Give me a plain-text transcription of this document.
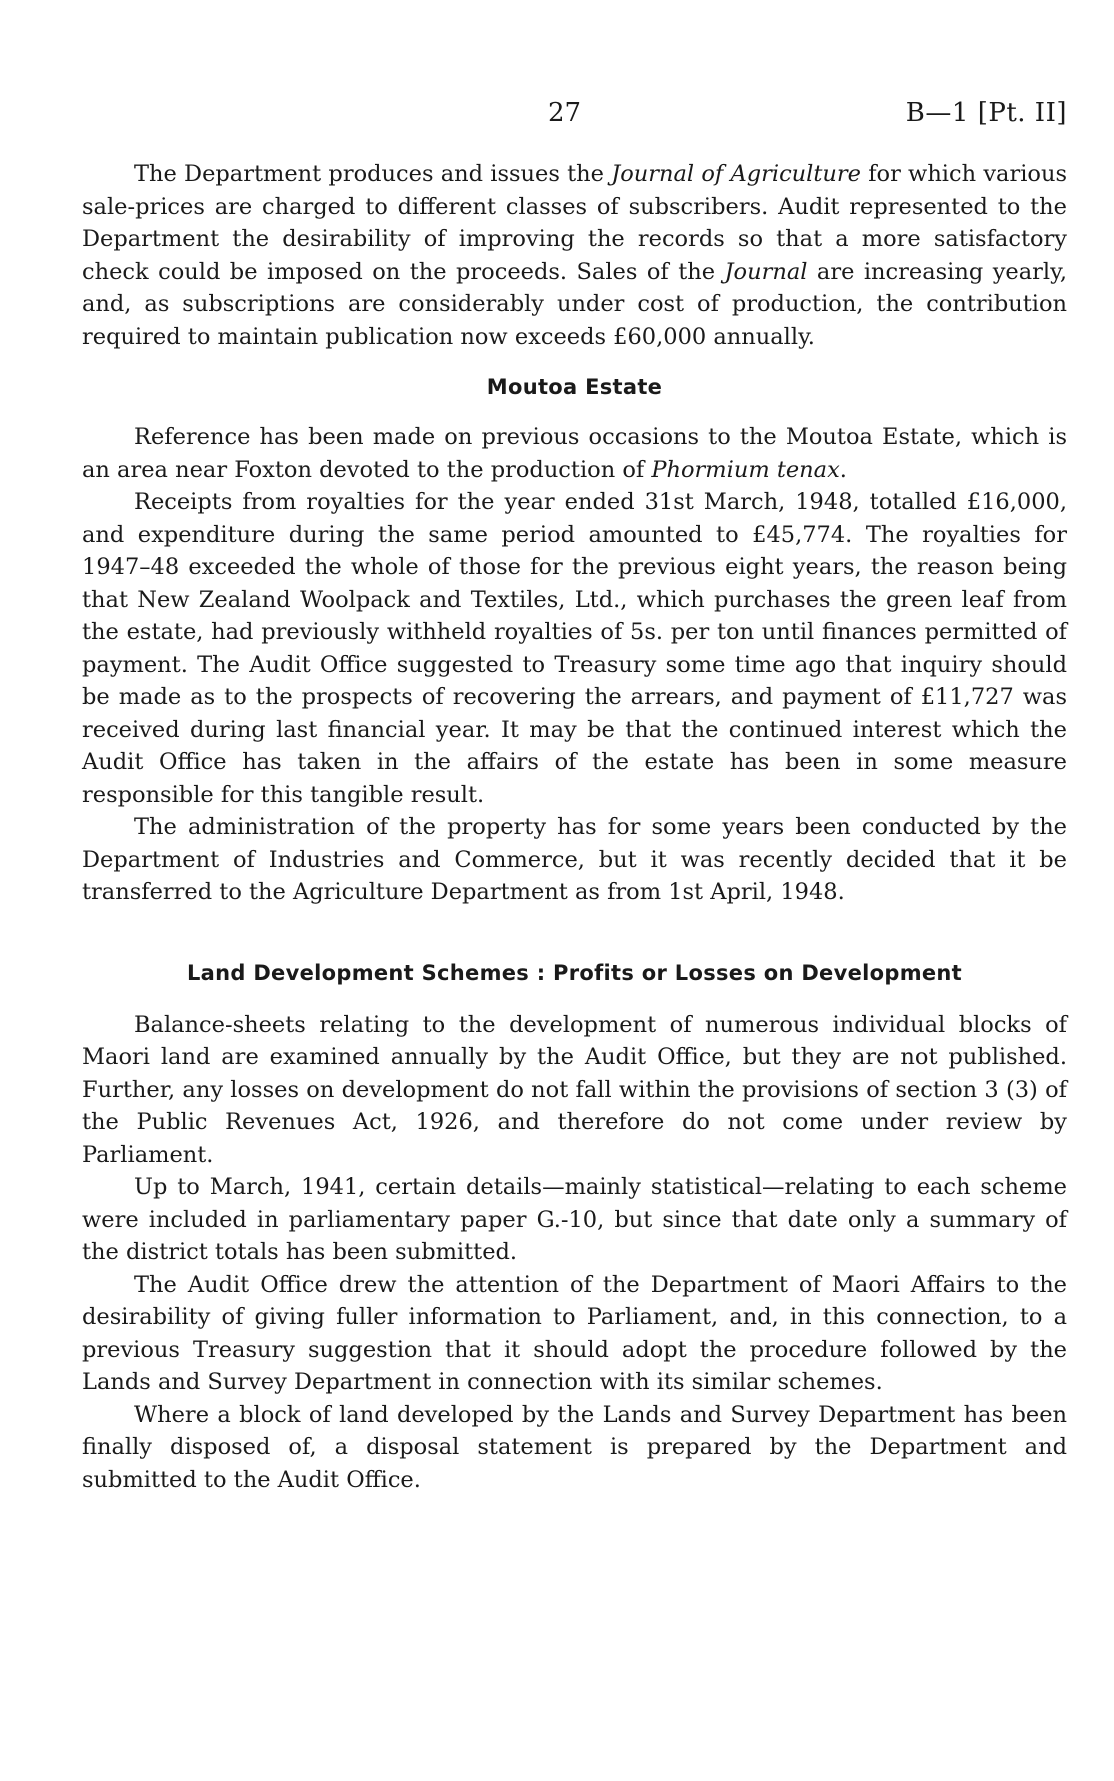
27	B—1 [Pt. II]

The Department produces and issues the Journal of Agriculture for which various sale-prices are charged to different classes of subscribers. Audit represented to the Department the desirability of improving the records so that a more satisfactory check could be imposed on the proceeds. Sales of the Journal are increasing yearly, and, as subscriptions are considerably under cost of production, the contribution required to maintain publication now exceeds £60,000 annually.

Moutoa Estate

Reference has been made on previous occasions to the Moutoa Estate, which is an area near Foxton devoted to the production of Phormium tenax.

Receipts from royalties for the year ended 31st March, 1948, totalled £16,000, and expenditure during the same period amounted to £45,774. The royalties for 1947–48 exceeded the whole of those for the previous eight years, the reason being that New Zealand Woolpack and Textiles, Ltd., which purchases the green leaf from the estate, had previously withheld royalties of 5s. per ton until finances permitted of payment. The Audit Office suggested to Treasury some time ago that inquiry should be made as to the prospects of recovering the arrears, and payment of £11,727 was received during last financial year. It may be that the continued interest which the Audit Office has taken in the affairs of the estate has been in some measure responsible for this tangible result.

The administration of the property has for some years been conducted by the Department of Industries and Commerce, but it was recently decided that it be transferred to the Agriculture Department as from 1st April, 1948.

Land Development Schemes : Profits or Losses on Development

Balance-sheets relating to the development of numerous individual blocks of Maori land are examined annually by the Audit Office, but they are not published. Further, any losses on development do not fall within the provisions of section 3 (3) of the Public Revenues Act, 1926, and therefore do not come under review by Parliament.

Up to March, 1941, certain details—mainly statistical—relating to each scheme were included in parliamentary paper G.-10, but since that date only a summary of the district totals has been submitted.

The Audit Office drew the attention of the Department of Maori Affairs to the desirability of giving fuller information to Parliament, and, in this connection, to a previous Treasury suggestion that it should adopt the procedure followed by the Lands and Survey Department in connection with its similar schemes.

Where a block of land developed by the Lands and Survey Department has been finally disposed of, a disposal statement is prepared by the Department and submitted to the Audit Office.
